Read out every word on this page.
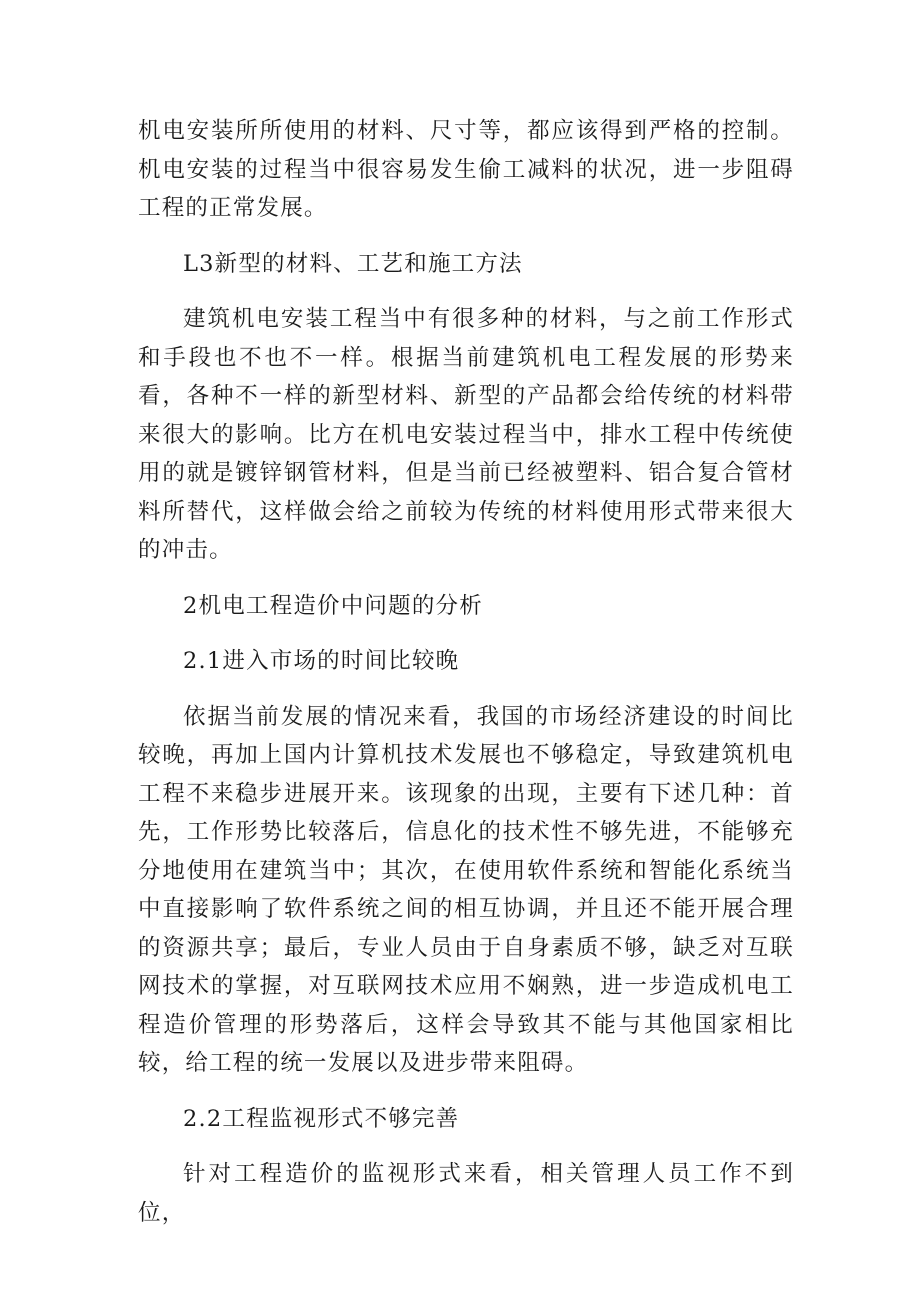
机电安装所所使用的材料、尺寸等，都应该得到严格的控制。机电安装的过程当中很容易发生偷工减料的状况，进一步阻碍工程的正常发展。

L3新型的材料、工艺和施工方法

建筑机电安装工程当中有很多种的材料，与之前工作形式和手段也不也不一样。根据当前建筑机电工程发展的形势来看，各种不一样的新型材料、新型的产品都会给传统的材料带来很大的影响。比方在机电安装过程当中，排水工程中传统使用的就是镀锌钢管材料，但是当前已经被塑料、铝合复合管材料所替代，这样做会给之前较为传统的材料使用形式带来很大的冲击。

2机电工程造价中问题的分析

2.1进入市场的时间比较晚

依据当前发展的情况来看，我国的市场经济建设的时间比较晚，再加上国内计算机技术发展也不够稳定，导致建筑机电工程不来稳步进展开来。该现象的出现，主要有下述几种：首先，工作形势比较落后，信息化的技术性不够先进，不能够充分地使用在建筑当中；其次，在使用软件系统和智能化系统当中直接影响了软件系统之间的相互协调，并且还不能开展合理的资源共享；最后，专业人员由于自身素质不够，缺乏对互联网技术的掌握，对互联网技术应用不娴熟，进一步造成机电工程造价管理的形势落后，这样会导致其不能与其他国家相比较，给工程的统一发展以及进步带来阻碍。

2.2工程监视形式不够完善

针对工程造价的监视形式来看，相关管理人员工作不到位，
